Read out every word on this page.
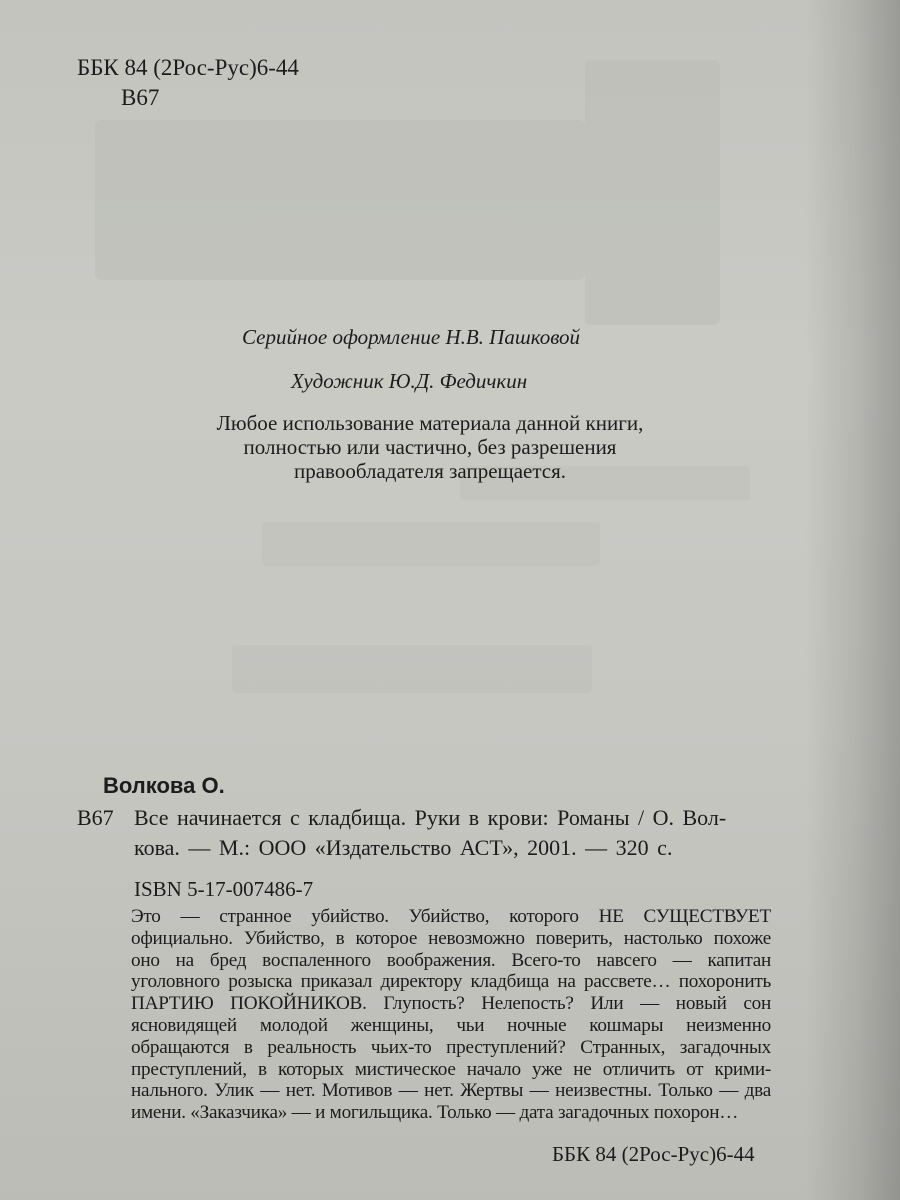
ББК 84 (2Рос-Рус)6-44

В67

Серийное оформление Н.В. Пашковой

Художник Ю.Д. Федичкин

Любое использование материала данной книги,
полностью или частично, без разрешения
правообладателя запрещается.

Волкова О.

В67 Все начинается с кладбища. Руки в крови: Романы / О. Вол-

кова. — М.: ООО «Издательство АСТ», 2001. — 320 с.

ISBN 5-17-007486-7

Это — странное убийство. Убийство, которого НЕ СУЩЕСТВУЕТ
официально. Убийство, в которое невозможно поверить, настолько похоже
оно на бред воспаленного воображения. Всего-то навсего — капитан
уголовного розыска приказал директору кладбища на рассвете… похоронить
ПАРТИЮ ПОКОЙНИКОВ. Глупость? Нелепость? Или — новый сон
ясновидящей молодой женщины, чьи ночные кошмары неизменно
обращаются в реальность чьих-то преступлений? Странных, загадочных
преступлений, в которых мистическое начало уже не отличить от крими-
нального. Улик — нет. Мотивов — нет. Жертвы — неизвестны. Только — два
имени. «Заказчика» — и могильщика. Только — дата загадочных похорон…

ББК 84 (2Рос-Рус)6-44
